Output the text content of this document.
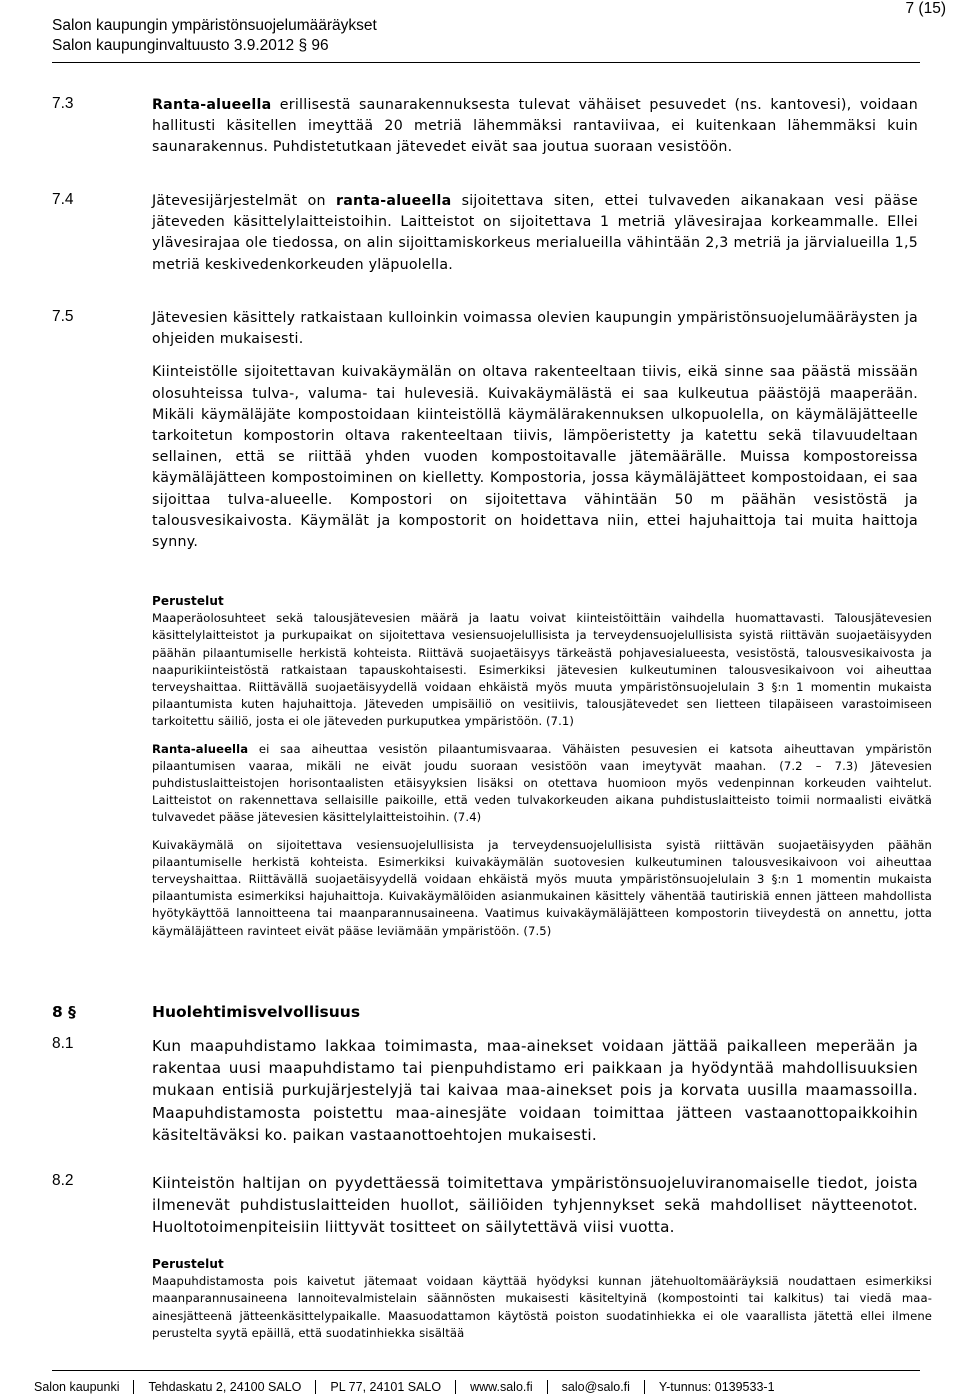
7 (15)
Salon kaupungin ympäristönsuojelumääräykset
Salon kaupunginvaltuusto 3.9.2012 § 96
7.3	Ranta-alueella erillisestä saunarakennuksesta tulevat vähäiset pesuvedet (ns. kantovesi), voidaan hallitusti käsitellen imeyttää 20 metriä lähemmäksi rantaviivaa, ei kuitenkaan lähemmäksi kuin saunarakennus. Puhdistetutkaan jätevedet eivät saa joutua suoraan vesistöön.
7.4	Jätevesijärjestelmät on ranta-alueella sijoitettava siten, ettei tulvaveden aikanakaan vesi pääse jäteveden käsittelylaitteistoihin. Laitteistot on sijoitettava 1 metriä ylävesirajaa korkeammalle. Ellei ylävesirajaa ole tiedossa, on alin sijoittamiskorkeus merialueilla vähintään 2,3 metriä ja järvialueilla 1,5 metriä keskivedenkorkeuden yläpuolella.
7.5	Jätevesien käsittely ratkaistaan kulloinkin voimassa olevien kaupungin ympäristönsuojelumääräysten ja ohjeiden mukaisesti.
Kiinteistölle sijoitettavan kuivakäymälän on oltava rakenteeltaan tiivis, eikä sinne saa päästä missään olosuhteissa tulva-, valuma- tai hulevesiä. Kuivakäymälästä ei saa kulkeutua päästöjä maaperään. Mikäli käymäläjäte kompostoidaan kiinteistöllä käymälärakennuksen ulkopuolella, on käymäläjätteelle tarkoitetun kompostorin oltava rakenteeltaan tiivis, lämpöeristetty ja katettu sekä tilavuudeltaan sellainen, että se riittää yhden vuoden kompostoitavalle jätemäärälle. Muissa kompostoreissa käymäläjätteen kompostoiminen on kielletty. Kompostoria, jossa käymäläjätteet kompostoidaan, ei saa sijoittaa tulva-alueelle. Kompostori on sijoitettava vähintään 50 m päähän vesistöstä ja talousvesikaivosta. Käymälät ja kompostorit on hoidettava niin, ettei hajuhaittoja tai muita haittoja synny.
Perustelut
Maaperäolosuhteet sekä talousjätevesien määrä ja laatu voivat kiinteistöittäin vaihdella huomattavasti. Talousjätevesien käsittelylaitteistot ja purkupaikat on sijoitettava vesiensuojelullisista ja terveydensuojelullisista syistä riittävän suojaetäisyyden päähän pilaantumiselle herkistä kohteista. Riittävä suojaetäisyys tärkeästä pohjavesialueesta, vesistöstä, talousvesikaivosta ja naapurikiinteistöstä ratkaistaan tapauskohtaisesti. Esimerkiksi jätevesien kulkeutuminen talousvesikaivoon voi aiheuttaa terveyshaittaa. Riittävällä suojaetäisyydellä voidaan ehkäistä myös muuta ympäristönsuojelulain 3 §:n 1 momentin mukaista pilaantumista kuten hajuhaittoja. Jäteveden umpisäiliö on vesitiivis, talousjätevedet sen lietteen tilapäiseen varastoimiseen tarkoitettu säiliö, josta ei ole jäteveden purkuputkea ympäristöön. (7.1)
Ranta-alueella ei saa aiheuttaa vesistön pilaantumisvaaraa. Vähäisten pesuvesien ei katsota aiheuttavan ympäristön pilaantumisen vaaraa, mikäli ne eivät joudu suoraan vesistöön vaan imeytyvät maahan. (7.2 – 7.3) Jätevesien puhdistuslaitteistojen horisontaalisten etäisyyksien lisäksi on otettava huomioon myös vedenpinnan korkeuden vaihtelut. Laitteistot on rakennettava sellaisille paikoille, että veden tulvakorkeuden aikana puhdistuslaitteisto toimii normaalisti eivätkä tulvavedet pääse jätevesien käsittelylaitteistoihin. (7.4)
Kuivakäymälä on sijoitettava vesiensuojelullisista ja terveydensuojelullisista syistä riittävän suojaetäisyyden päähän pilaantumiselle herkistä kohteista. Esimerkiksi kuivakäymälän suotovesien kulkeutuminen talousvesikaivoon voi aiheuttaa terveyshaittaa. Riittävällä suojaetäisyydellä voidaan ehkäistä myös muuta ympäristönsuojelulain 3 §:n 1 momentin mukaista pilaantumista esimerkiksi hajuhaittoja. Kuivakäymälöiden asianmukainen käsittely vähentää tautiriskiä ennen jätteen mahdollista hyötykäyttöä lannoitteena tai maanparannusaineena. Vaatimus kuivakäymäläjätteen kompostorin tiiveydestä on annettu, jotta käymäläjätteen ravinteet eivät pääse leviämään ympäristöön. (7.5)
8 §	Huolehtimisvelvollisuus
8.1	Kun maapuhdistamo lakkaa toimimasta, maa-ainekset voidaan jättää paikalleen meperään ja rakentaa uusi maapuhdistamo tai pienpuhdistamo eri paikkaan ja hyödyntää mahdollisuuksien mukaan entisiä purkujärjestelyjä tai kaivaa maa-ainekset pois ja korvata uusilla maamassoilla. Maapuhdistamosta poistettu maa-ainesjäte voidaan toimittaa jätteen vastaanottopaikkoihin käsiteltäväksi ko. paikan vastaanottoehtojen mukaisesti.
8.2	Kiinteistön haltijan on pyydettäessä toimitettava ympäristönsuojeluviranomaiselle tiedot, joista ilmenevät puhdistuslaitteiden huollot, säiliöiden tyhjennykset sekä mahdolliset näytteenotot. Huoltotoimenpiteisiin liittyvät tositteet on säilytettävä viisi vuotta.
Perustelut
Maapuhdistamosta pois kaivetut jätemaat voidaan käyttää hyödyksi kunnan jätehuoltomääräyksiä noudattaen esimerkiksi maanparannusaineena lannoitevalmistelain säännösten mukaisesti käsiteltyinä (kompostointi tai kalkitus) tai viedä maa-ainesjätteenä jätteenkäsittelypaikalle. Maasuodattamon käytöstä poiston suodatinhiekka ei ole vaarallista jätettä ellei ilmene perustelta syytä epäillä, että suodatinhiekka sisältää
Salon kaupunki	Tehdaskatu 2, 24100 SALO	PL 77, 24101 SALO	www.salo.fi	salo@salo.fi	Y-tunnus: 0139533-1
